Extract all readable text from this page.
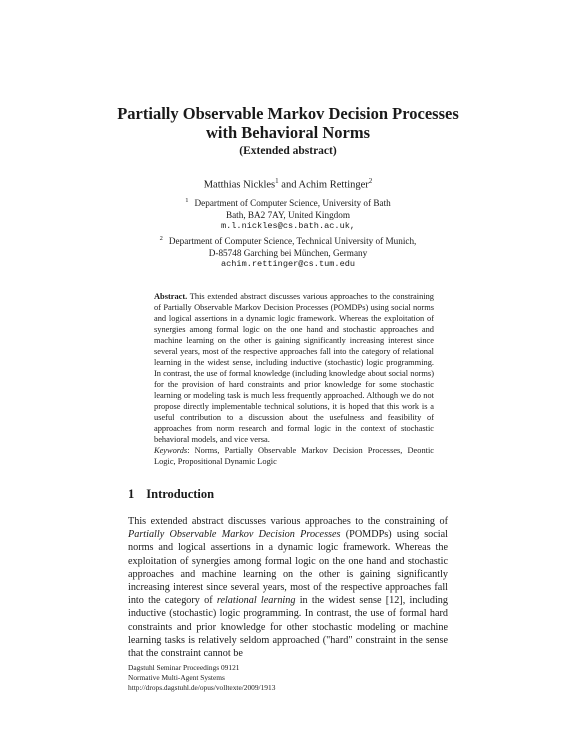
Partially Observable Markov Decision Processes
with Behavioral Norms
(Extended abstract)
Matthias Nickles$^1$ and Achim Rettinger$^2$
$^1$ Department of Computer Science, University of Bath
Bath, BA2 7AY, United Kingdom
m.l.nickles@cs.bath.ac.uk,
$^2$ Department of Computer Science, Technical University of Munich,
D-85748 Garching bei München, Germany
achim.rettinger@cs.tum.edu

Abstract. This extended abstract discusses various approaches to the constraining of Partially Observable Markov Decision Processes (POMDPs) using social norms and logical assertions in a dynamic logic framework. Whereas the exploitation of synergies among formal logic on the one hand and stochastic approaches and machine learning on the other is gaining significantly increasing interest since several years, most of the respective approaches fall into the category of relational learning in the widest sense, including inductive (stochastic) logic programming. In contrast, the use of formal knowledge (including knowledge about social norms) for the provision of hard constraints and prior knowledge for some stochastic learning or modeling task is much less frequently approached. Although we do not propose directly implementable technical solutions, it is hoped that this work is a useful contribution to a discussion about the usefulness and feasibility of approaches from norm research and formal logic in the context of stochastic behavioral models, and vice versa.

Keywords: Norms, Partially Observable Markov Decision Processes, Deontic Logic, Propositional Dynamic Logic

1 Introduction

This extended abstract discusses various approaches to the constraining of Partially Observable Markov Decision Processes (POMDPs) using social norms and logical assertions in a dynamic logic framework. Whereas the exploitation of synergies among formal logic on the one hand and stochastic approaches and machine learning on the other is gaining significantly increasing interest since several years, most of the respective approaches fall into the category of relational learning in the widest sense [12], including inductive (stochastic) logic programming. In contrast, the use of formal hard constraints and prior knowledge for other stochastic modeling or machine learning tasks is relatively seldom approached ("hard" constraint in the sense that the constraint cannot be

Dagstuhl Seminar Proceedings 09121
Normative Multi-Agent Systems
http://drops.dagstuhl.de/opus/volltexte/2009/1913
